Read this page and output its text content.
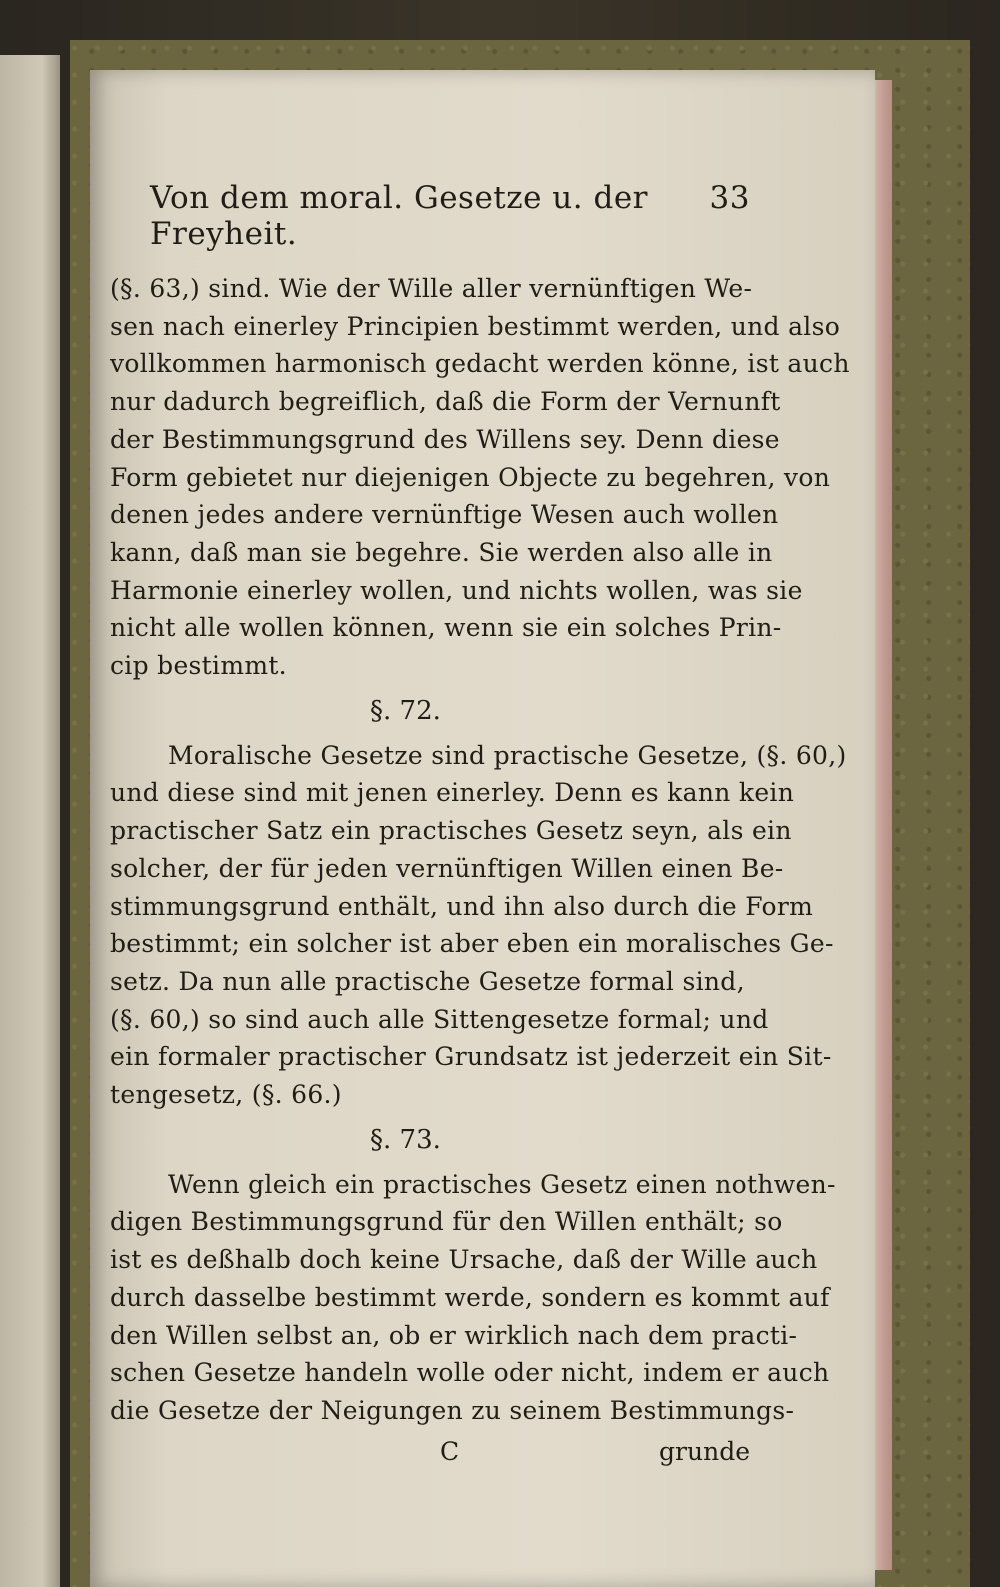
Von dem moral. Gesetze u. der Freyheit.
33
(§. 63,) sind. Wie der Wille aller vernünftigen We-
sen nach einerley Principien bestimmt werden, und also
vollkommen harmonisch gedacht werden könne, ist auch
nur dadurch begreiflich, daß die Form der Vernunft
der Bestimmungsgrund des Willens sey. Denn diese
Form gebietet nur diejenigen Objecte zu begehren, von
denen jedes andere vernünftige Wesen auch wollen
kann, daß man sie begehre. Sie werden also alle in
Harmonie einerley wollen, und nichts wollen, was sie
nicht alle wollen können, wenn sie ein solches Prin-
cip bestimmt.
§. 72.
Moralische Gesetze sind practische Gesetze, (§. 60,)
und diese sind mit jenen einerley. Denn es kann kein
practischer Satz ein practisches Gesetz seyn, als ein
solcher, der für jeden vernünftigen Willen einen Be-
stimmungsgrund enthält, und ihn also durch die Form
bestimmt; ein solcher ist aber eben ein moralisches Ge-
setz. Da nun alle practische Gesetze formal sind,
(§. 60,) so sind auch alle Sittengesetze formal; und
ein formaler practischer Grundsatz ist jederzeit ein Sit-
tengesetz, (§. 66.)
§. 73.
Wenn gleich ein practisches Gesetz einen nothwen-
digen Bestimmungsgrund für den Willen enthält; so
ist es deßhalb doch keine Ursache, daß der Wille auch
durch dasselbe bestimmt werde, sondern es kommt auf
den Willen selbst an, ob er wirklich nach dem practi-
schen Gesetze handeln wolle oder nicht, indem er auch
die Gesetze der Neigungen zu seinem Bestimmungs-
C	grunde
